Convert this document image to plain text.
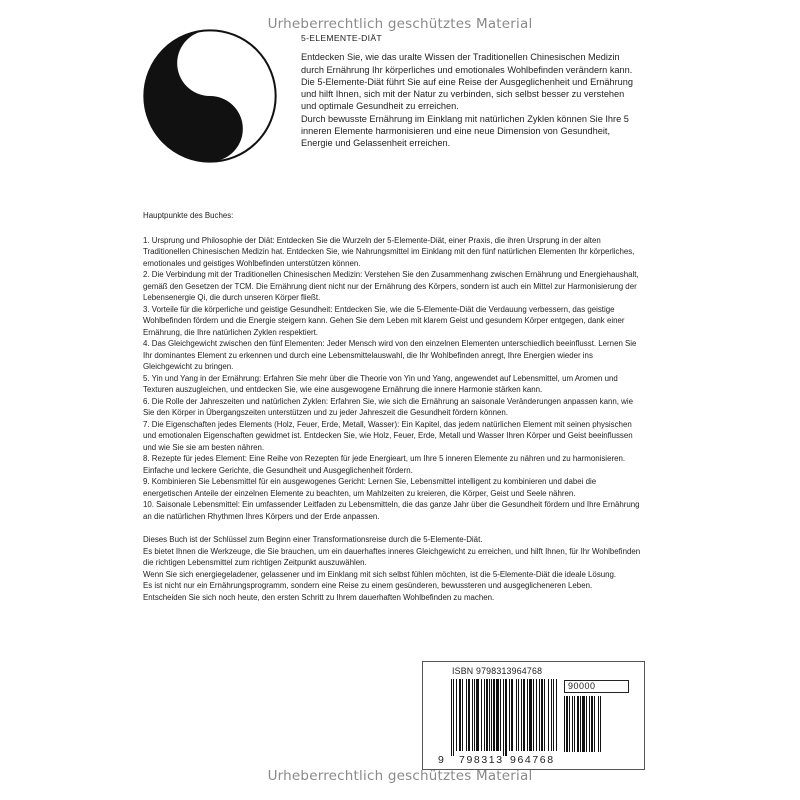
Urheberrechtlich geschütztes Material
5-ELEMENTE-DIÄT

Entdecken Sie, wie das uralte Wissen der Traditionellen Chinesischen Medizin durch Ernährung Ihr körperliches und emotionales Wohlbefinden verändern kann.

Die 5-Elemente-Diät führt Sie auf eine Reise der Ausgeglichenheit und Ernährung und hilft Ihnen, sich mit der Natur zu verbinden, sich selbst besser zu verstehen und optimale Gesundheit zu erreichen.

Durch bewusste Ernährung im Einklang mit natürlichen Zyklen können Sie Ihre 5 inneren Elemente harmonisieren und eine neue Dimension von Gesundheit, Energie und Gelassenheit erreichen.

Hauptpunkte des Buches:
1. Ursprung und Philosophie der Diät: Entdecken Sie die Wurzeln der 5-Elemente-Diät, einer Praxis, die ihren Ursprung in der alten Traditionellen Chinesischen Medizin hat. Entdecken Sie, wie Nahrungsmittel im Einklang mit den fünf natürlichen Elementen Ihr körperliches, emotionales und geistiges Wohlbefinden unterstützen können.
2. Die Verbindung mit der Traditionellen Chinesischen Medizin: Verstehen Sie den Zusammenhang zwischen Ernährung und Energiehaushalt, gemäß den Gesetzen der TCM. Die Ernährung dient nicht nur der Ernährung des Körpers, sondern ist auch ein Mittel zur Harmonisierung der Lebensenergie Qi, die durch unseren Körper fließt.
3. Vorteile für die körperliche und geistige Gesundheit: Entdecken Sie, wie die 5-Elemente-Diät die Verdauung verbessern, das geistige Wohlbefinden fördern und die Energie steigern kann. Gehen Sie dem Leben mit klarem Geist und gesundem Körper entgegen, dank einer Ernährung, die Ihre natürlichen Zyklen respektiert.
4. Das Gleichgewicht zwischen den fünf Elementen: Jeder Mensch wird von den einzelnen Elementen unterschiedlich beeinflusst. Lernen Sie Ihr dominantes Element zu erkennen und durch eine Lebensmittelauswahl, die Ihr Wohlbefinden anregt, Ihre Energien wieder ins Gleichgewicht zu bringen.
5. Yin und Yang in der Ernährung: Erfahren Sie mehr über die Theorie von Yin und Yang, angewendet auf Lebensmittel, um Aromen und Texturen auszugleichen, und entdecken Sie, wie eine ausgewogene Ernährung die innere Harmonie stärken kann.
6. Die Rolle der Jahreszeiten und natürlichen Zyklen: Erfahren Sie, wie sich die Ernährung an saisonale Veränderungen anpassen kann, wie Sie den Körper in Übergangszeiten unterstützen und zu jeder Jahreszeit die Gesundheit fördern können.
7. Die Eigenschaften jedes Elements (Holz, Feuer, Erde, Metall, Wasser): Ein Kapitel, das jedem natürlichen Element mit seinen physischen und emotionalen Eigenschaften gewidmet ist. Entdecken Sie, wie Holz, Feuer, Erde, Metall und Wasser Ihren Körper und Geist beeinflussen und wie Sie sie am besten nähren.
8. Rezepte für jedes Element: Eine Reihe von Rezepten für jede Energieart, um Ihre 5 inneren Elemente zu nähren und zu harmonisieren. Einfache und leckere Gerichte, die Gesundheit und Ausgeglichenheit fördern.
9. Kombinieren Sie Lebensmittel für ein ausgewogenes Gericht: Lernen Sie, Lebensmittel intelligent zu kombinieren und dabei die energetischen Anteile der einzelnen Elemente zu beachten, um Mahlzeiten zu kreieren, die Körper, Geist und Seele nähren.
10. Saisonale Lebensmittel: Ein umfassender Leitfaden zu Lebensmitteln, die das ganze Jahr über die Gesundheit fördern und Ihre Ernährung an die natürlichen Rhythmen Ihres Körpers und der Erde anpassen.

Dieses Buch ist der Schlüssel zum Beginn einer Transformationsreise durch die 5-Elemente-Diät.

Es bietet Ihnen die Werkzeuge, die Sie brauchen, um ein dauerhaftes inneres Gleichgewicht zu erreichen, und hilft Ihnen, für Ihr Wohlbefinden die richtigen Lebensmittel zum richtigen Zeitpunkt auszuwählen.

Wenn Sie sich energiegeladener, gelassener und im Einklang mit sich selbst fühlen möchten, ist die 5-Elemente-Diät die ideale Lösung.

Es ist nicht nur ein Ernährungsprogramm, sondern eine Reise zu einem gesünderen, bewussteren und ausgeglicheneren Leben.

Entscheiden Sie sich noch heute, den ersten Schritt zu Ihrem dauerhaften Wohlbefinden zu machen.

ISBN 9798313964768
90000
9 798313 964768
Urheberrechtlich geschütztes Material
